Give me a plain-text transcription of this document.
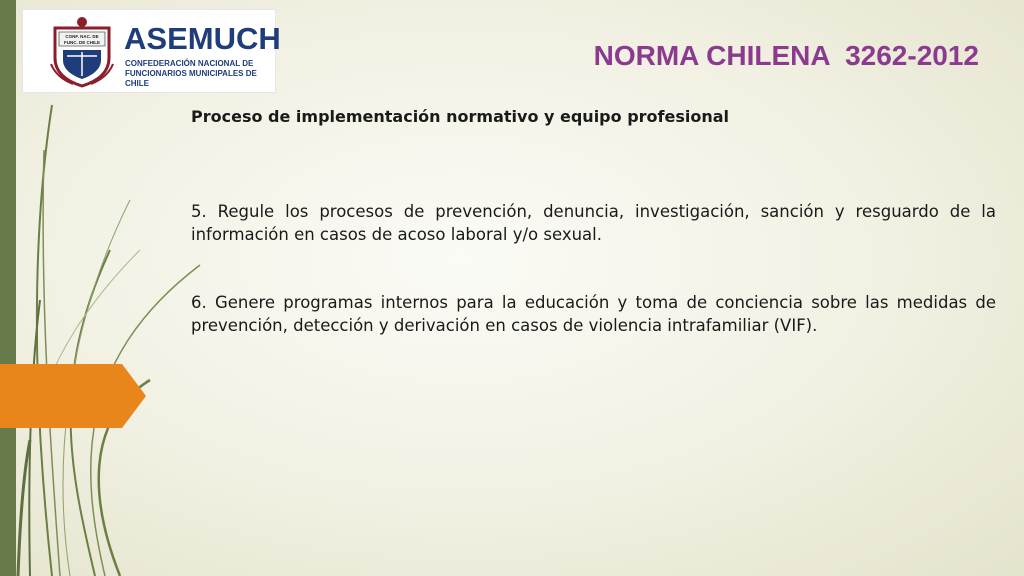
CONF. NAC. DE
FUNC. DE CHILE ASEMUCH
CONFEDERACIÓN NACIONAL DE
FUNCIONARIOS MUNICIPALES DE CHILE
NORMA CHILENA  3262-2012
Proceso de implementación normativo y equipo profesional

5. Regule los procesos de prevención, denuncia, investigación, sanción y resguardo de la información en casos de acoso laboral y/o sexual.

6. Genere programas internos para la educación y toma de conciencia sobre las medidas de prevención, detección y derivación en casos de violencia intrafamiliar (VIF).
